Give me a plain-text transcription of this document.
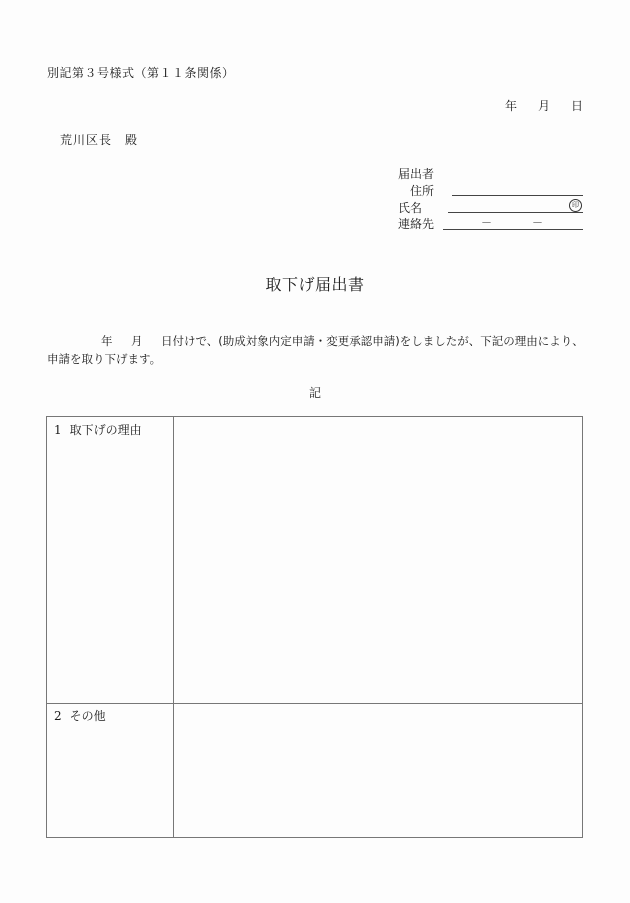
別記第３号様式（第１１条関係）
年 月 日
荒川区長　殿
届出者
住所
氏名	印
連絡先	－	－
取下げ届出書
年 月 日付けで、(助成対象内定申請・変更承認申請)をしましたが、下記の理由により、
申請を取り下げます。
記
1 取下げの理由
2 その他
